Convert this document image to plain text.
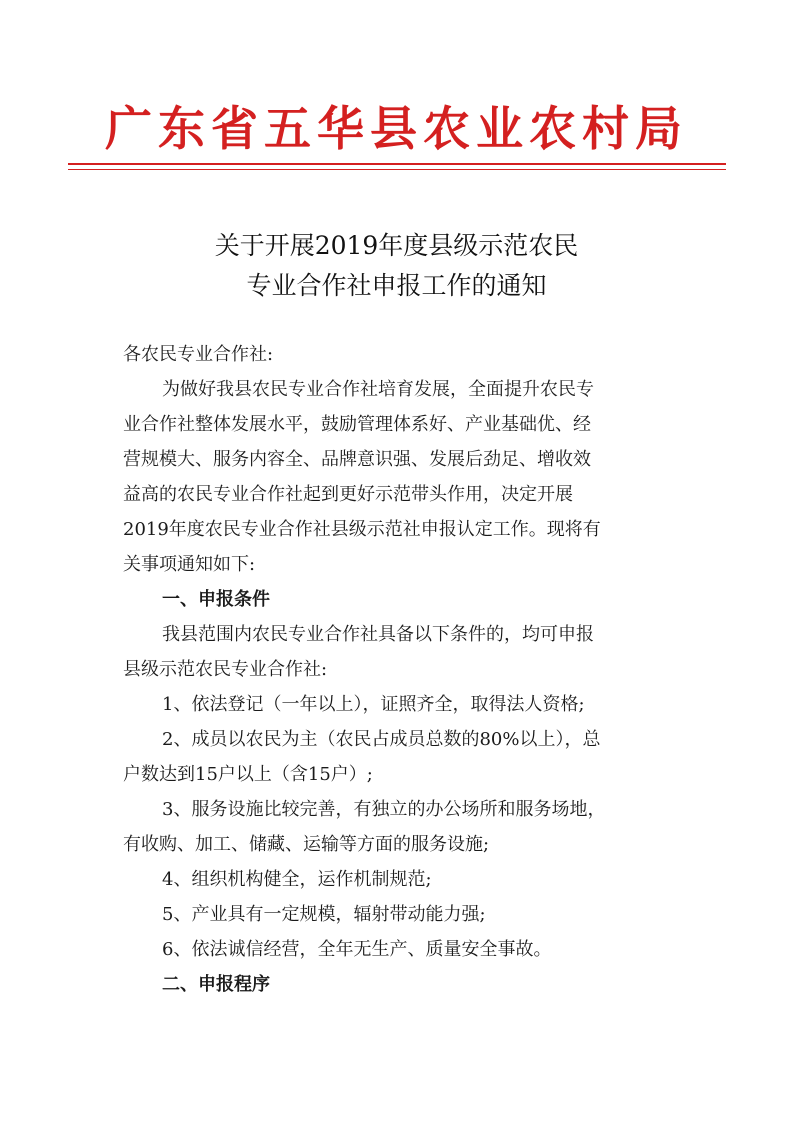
广东省五华县农业农村局
关于开展2019年度县级示范农民
专业合作社申报工作的通知
各农民专业合作社:
为做好我县农民专业合作社培育发展，全面提升农民专
业合作社整体发展水平，鼓励管理体系好、产业基础优、经
营规模大、服务内容全、品牌意识强、发展后劲足、增收效
益高的农民专业合作社起到更好示范带头作用，决定开展
2019年度农民专业合作社县级示范社申报认定工作。现将有
关事项通知如下:
一、申报条件
我县范围内农民专业合作社具备以下条件的，均可申报
县级示范农民专业合作社:
1、依法登记（一年以上），证照齐全，取得法人资格;
2、成员以农民为主（农民占成员总数的80%以上），总
户数达到15户以上（含15户）;
3、服务设施比较完善，有独立的办公场所和服务场地，
有收购、加工、储藏、运输等方面的服务设施;
4、组织机构健全，运作机制规范;
5、产业具有一定规模，辐射带动能力强;
6、依法诚信经营，全年无生产、质量安全事故。
二、申报程序
